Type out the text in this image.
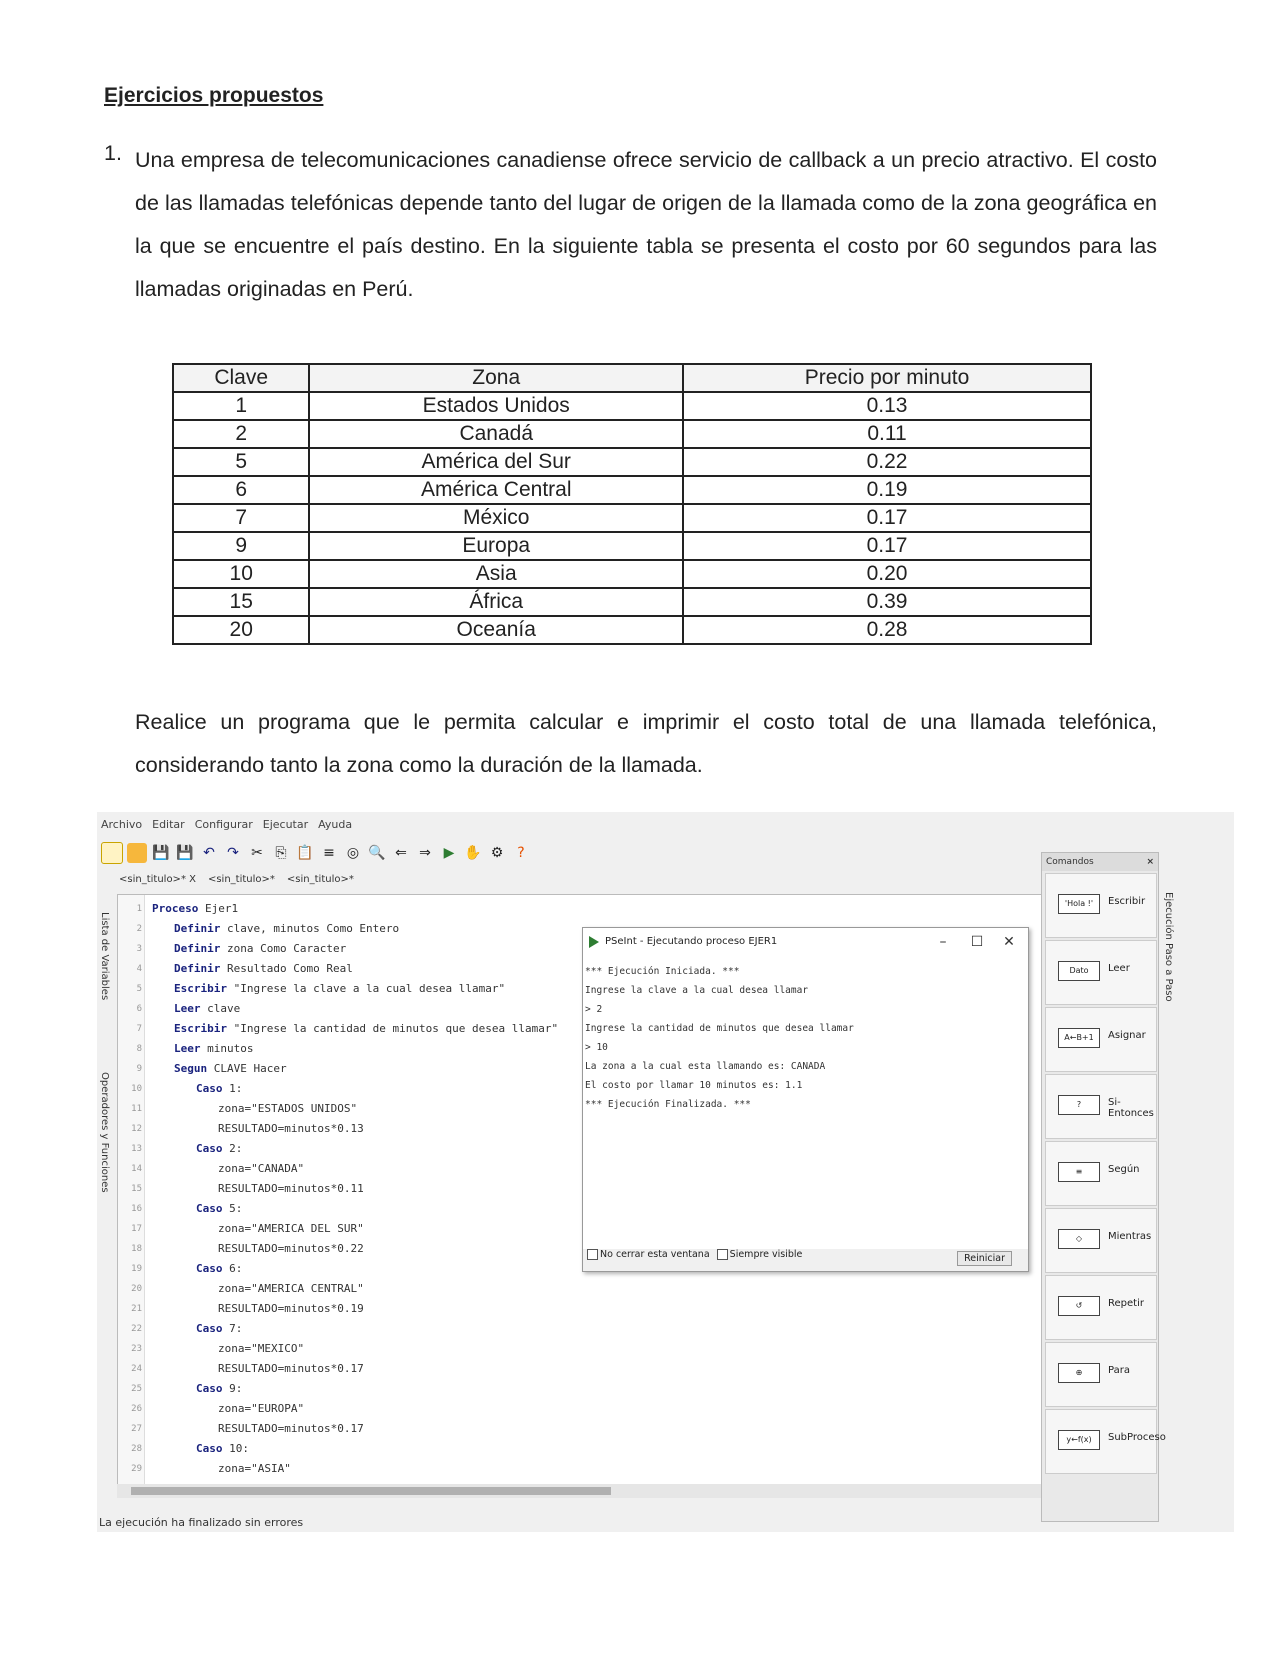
Ejercicios propuestos
1. Una empresa de telecomunicaciones canadiense ofrece servicio de callback a un precio atractivo. El costo de las llamadas telefónicas depende tanto del lugar de origen de la llamada como de la zona geográfica en la que se encuentre el país destino. En la siguiente tabla se presenta el costo por 60 segundos para las llamadas originadas en Perú.
Clave	Zona	Precio por minuto
1	Estados Unidos	0.13
2	Canadá	0.11
5	América del Sur	0.22
6	América Central	0.19
7	México	0.17
9	Europa	0.17
10	Asia	0.20
15	África	0.39
20	Oceanía	0.28
Realice un programa que le permita calcular e imprimir el costo total de una llamada telefónica, considerando tanto la zona como la duración de la llamada.
Archivo Editar Configurar Ejecutar Ayuda
💾 💾 ↶ ↷ ✂ ⎘ 📋 ≡ ◎ 🔍 ⇐ ⇒ ▶ ✋ ⚙	?
<sin_titulo>* X <sin_titulo>* <sin_titulo>*
Lista de Variables
Operadores y Funciones
1 Proceso Ejer1
2	Definir clave, minutos Como Entero
3	Definir zona Como Caracter
4	Definir Resultado Como Real
5	Escribir "Ingrese la clave a la cual desea llamar"
6	Leer clave
7	Escribir "Ingrese la cantidad de minutos que desea llamar"
8	Leer minutos
9	Segun CLAVE Hacer
10	Caso 1:
11	zona="ESTADOS UNIDOS"
12	RESULTADO=minutos*0.13
13	Caso 2:
14	zona="CANADA"
15	RESULTADO=minutos*0.11
16	Caso 5:
17	zona="AMERICA DEL SUR"
18	RESULTADO=minutos*0.22
19	Caso 6:
20	zona="AMERICA CENTRAL"
21	RESULTADO=minutos*0.19
22	Caso 7:
23	zona="MEXICO"
24	RESULTADO=minutos*0.17
25	Caso 9:
26	zona="EUROPA"
27	RESULTADO=minutos*0.17
28	Caso 10:
29	zona="ASIA"
PSeInt - Ejecutando proceso EJER1	–	☐	✕
*** Ejecución Iniciada. ***
Ingrese la clave a la cual desea llamar
> 2
Ingrese la cantidad de minutos que desea llamar
> 10
La zona a la cual esta llamando es: CANADA
El costo por llamar 10 minutos es: 1.1
*** Ejecución Finalizada. ***
No cerrar esta ventana Siempre visible	Reiniciar
Comandos	×
'Hola !'	Escribir
Dato	Leer
A←B+1	Asignar
?	Si-Entonces
≡	Según
◇	Mientras
↺	Repetir
⊕	Para
y←f(x)	SubProceso
Ejecución Paso a Paso
La ejecución ha finalizado sin errores
